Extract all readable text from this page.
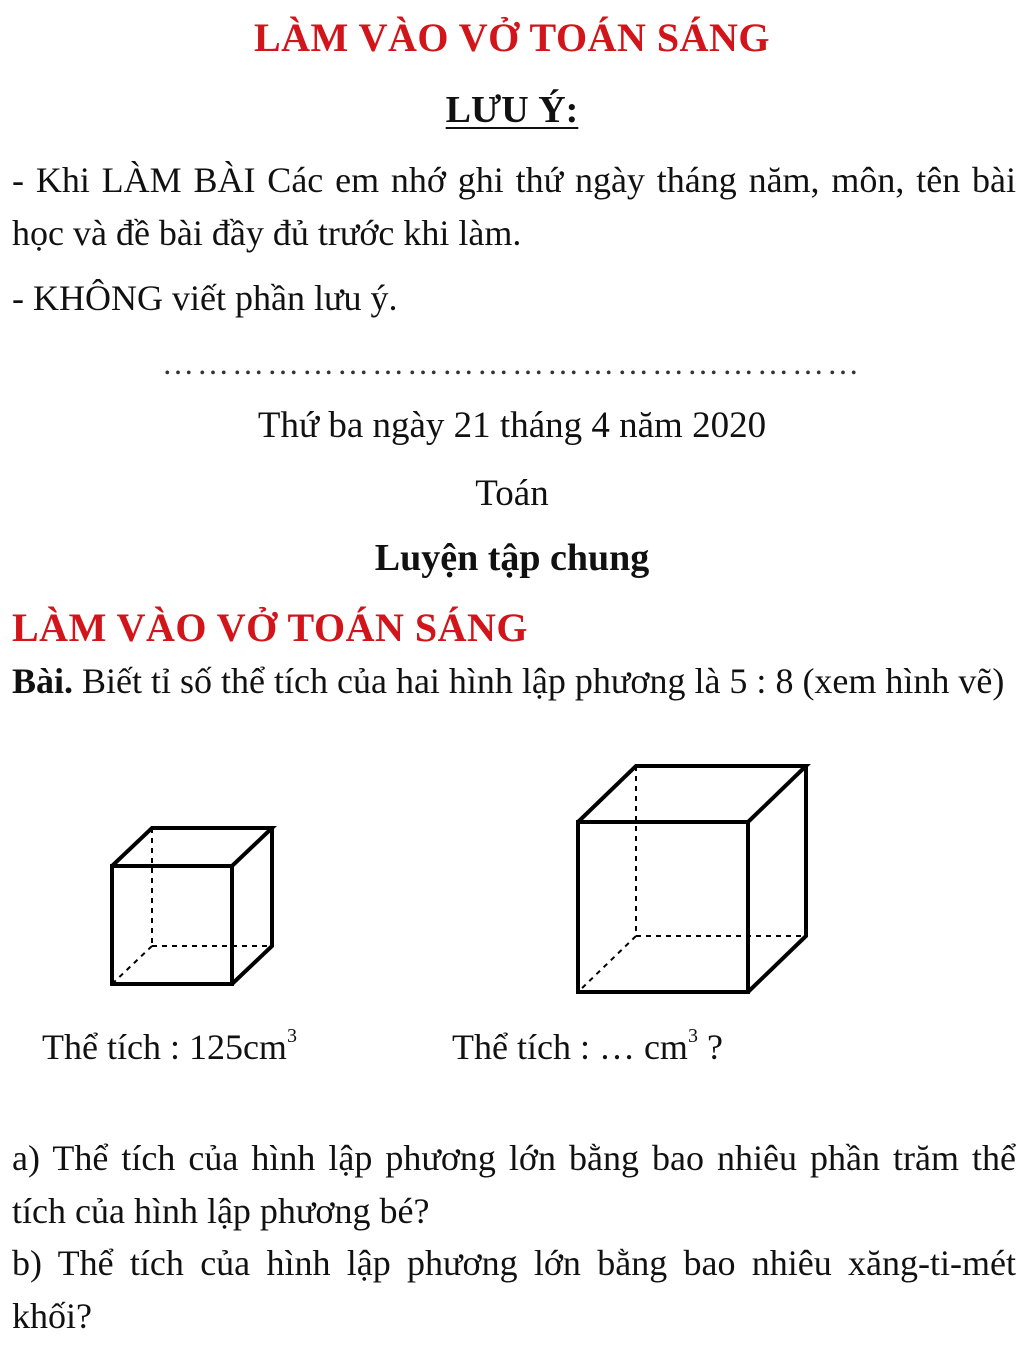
LÀM VÀO VỞ TOÁN SÁNG
LƯU Ý:
- Khi LÀM BÀI Các em nhớ ghi thứ ngày tháng năm, môn, tên bài học và đề bài đầy đủ trước khi làm.
- KHÔNG viết phần lưu ý.
……………………………………………………
Thứ ba ngày 21 tháng 4 năm 2020
Toán
Luyện tập chung
LÀM VÀO VỞ TOÁN SÁNG
Bài. Biết tỉ số thể tích của hai hình lập phương là 5 : 8 (xem hình vẽ)
Thể tích : $125cm^3$	Thể tích : … $cm^3$ ?
a) Thể tích của hình lập phương lớn bằng bao nhiêu phần trăm thể tích của hình lập phương bé?
b) Thể tích của hình lập phương lớn bằng bao nhiêu xăng-ti-mét khối?
